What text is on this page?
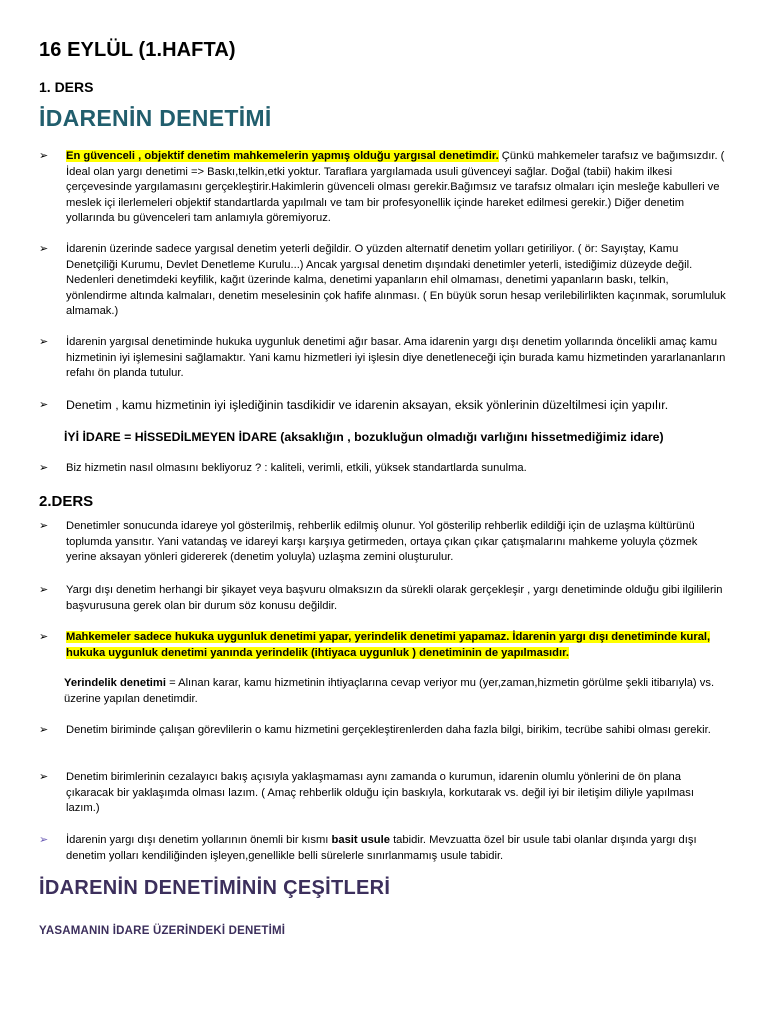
16 EYLÜL (1.HAFTA)
1. DERS
İDARENİN DENETİMİ
➢ En güvenceli , objektif denetim mahkemelerin yapmış olduğu yargısal denetimdir. Çünkü mahkemeler tarafsız ve bağımsızdır. ( İdeal olan yargı denetimi => Baskı,telkin,etki yoktur. Taraflara yargılamada usuli güvenceyi sağlar. Doğal (tabii) hakim ilkesi çerçevesinde yargılamasını gerçekleştirir.Hakimlerin güvenceli olması gerekir.Bağımsız ve tarafsız olmaları için mesleğe kabulleri ve meslek içi ilerlemeleri objektif standartlarda yapılmalı ve tam bir profesyonellik içinde hareket edilmesi gerekir.) Diğer denetim yollarında bu güvenceleri tam anlamıyla göremiyoruz.
➢ İdarenin üzerinde sadece yargısal denetim yeterli değildir. O yüzden alternatif denetim yolları getiriliyor. ( ör: Sayıştay, Kamu Denetçiliği Kurumu, Devlet Denetleme Kurulu...) Ancak yargısal denetim dışındaki denetimler yeterli, istediğimiz düzeyde değil. Nedenleri denetimdeki keyfilik, kağıt üzerinde kalma, denetimi yapanların ehil olmaması, denetimi yapanların baskı, telkin, yönlendirme altında kalmaları, denetim meselesinin çok hafife alınması. ( En büyük sorun hesap verilebilirlikten kaçınmak, sorumluluk almamak.)
➢ İdarenin yargısal denetiminde hukuka uygunluk denetimi ağır basar. Ama idarenin yargı dışı denetim yollarında öncelikli amaç kamu hizmetinin iyi işlemesini sağlamaktır. Yani kamu hizmetleri iyi işlesin diye denetleneceği için burada kamu hizmetinden yararlananların refahı ön planda tutulur.
➢ Denetim , kamu hizmetinin iyi işlediğinin tasdikidir ve idarenin aksayan, eksik yönlerinin düzeltilmesi için yapılır.
İYİ İDARE = HİSSEDİLMEYEN İDARE (aksaklığın , bozukluğun olmadığı varlığını hissetmediğimiz idare)
➢ Biz hizmetin nasıl olmasını bekliyoruz ? : kaliteli, verimli, etkili, yüksek standartlarda sunulma.
2.DERS
➢ Denetimler sonucunda idareye yol gösterilmiş, rehberlik edilmiş olunur. Yol gösterilip rehberlik edildiği için de uzlaşma kültürünü toplumda yansıtır. Yani vatandaş ve idareyi karşı karşıya getirmeden, ortaya çıkan çıkar çatışmalarını mahkeme yoluyla çözmek yerine aksayan yönleri gidererek (denetim yoluyla) uzlaşma zemini oluşturulur.
➢ Yargı dışı denetim herhangi bir şikayet veya başvuru olmaksızın da sürekli olarak gerçekleşir , yargı denetiminde olduğu gibi ilgililerin başvurusuna gerek olan bir durum söz konusu değildir.
➢ Mahkemeler sadece hukuka uygunluk denetimi yapar, yerindelik denetimi yapamaz. İdarenin yargı dışı denetiminde kural, hukuka uygunluk denetimi yanında yerindelik (ihtiyaca uygunluk ) denetiminin de yapılmasıdır.
Yerindelik denetimi = Alınan karar, kamu hizmetinin ihtiyaçlarına cevap veriyor mu (yer,zaman,hizmetin görülme şekli itibarıyla) vs. üzerine yapılan denetimdir.
➢ Denetim biriminde çalışan görevlilerin o kamu hizmetini gerçekleştirenlerden daha fazla bilgi, birikim, tecrübe sahibi olması gerekir.
➢ Denetim birimlerinin cezalayıcı bakış açısıyla yaklaşmaması aynı zamanda o kurumun, idarenin olumlu yönlerini de ön plana çıkaracak bir yaklaşımda olması lazım. ( Amaç rehberlik olduğu için baskıyla, korkutarak vs. değil iyi bir iletişim diliyle yapılması lazım.)
➢ İdarenin yargı dışı denetim yollarının önemli bir kısmı basit usule tabidir. Mevzuatta özel bir usule tabi olanlar dışında yargı dışı denetim yolları kendiliğinden işleyen,genellikle belli sürelerle sınırlanmamış usule tabidir.
İDARENİN DENETİMİNİN ÇEŞİTLERİ
YASAMANIN İDARE ÜZERİNDEKİ DENETİMİ
